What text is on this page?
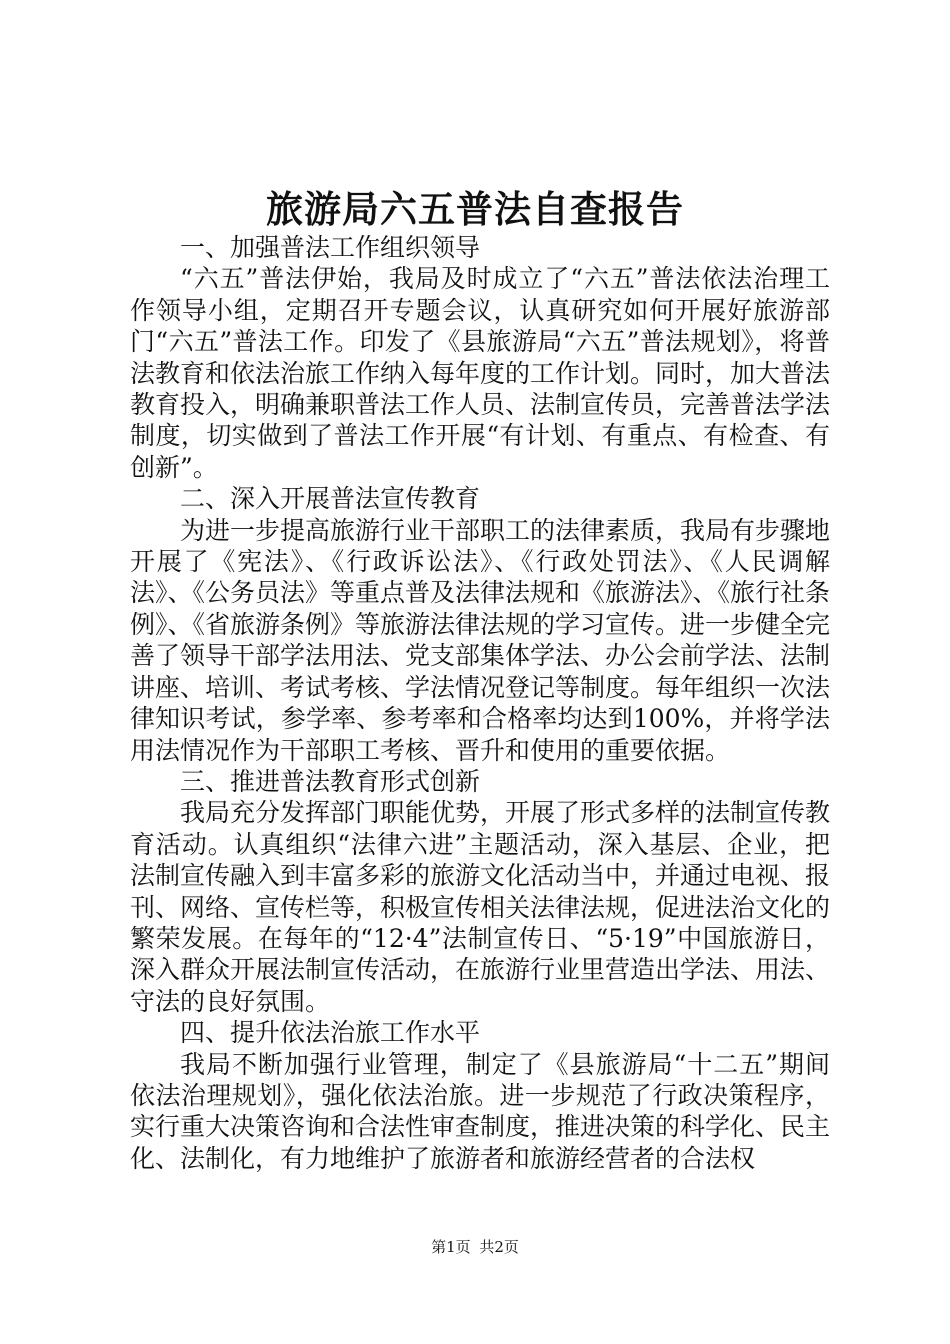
旅游局六五普法自查报告

一、加强普法工作组织领导

“六五”普法伊始，我局及时成立了“六五”普法依法治理工作领导小组，定期召开专题会议，认真研究如何开展好旅游部门“六五”普法工作。印发了《县旅游局“六五”普法规划》，将普法教育和依法治旅工作纳入每年度的工作计划。同时，加大普法教育投入，明确兼职普法工作人员、法制宣传员，完善普法学法制度，切实做到了普法工作开展“有计划、有重点、有检查、有创新”。

二、深入开展普法宣传教育

为进一步提高旅游行业干部职工的法律素质，我局有步骤地开展了《宪法》、《行政诉讼法》、《行政处罚法》、《人民调解法》、《公务员法》等重点普及法律法规和《旅游法》、《旅行社条例》、《省旅游条例》等旅游法律法规的学习宣传。进一步健全完善了领导干部学法用法、党支部集体学法、办公会前学法、法制讲座、培训、考试考核、学法情况登记等制度。每年组织一次法律知识考试，参学率、参考率和合格率均达到100%，并将学法用法情况作为干部职工考核、晋升和使用的重要依据。

三、推进普法教育形式创新

我局充分发挥部门职能优势，开展了形式多样的法制宣传教育活动。认真组织“法律六进”主题活动，深入基层、企业，把法制宣传融入到丰富多彩的旅游文化活动当中，并通过电视、报刊、网络、宣传栏等，积极宣传相关法律法规，促进法治文化的繁荣发展。在每年的“12·4”法制宣传日、“5·19”中国旅游日，深入群众开展法制宣传活动，在旅游行业里营造出学法、用法、守法的良好氛围。

四、提升依法治旅工作水平

我局不断加强行业管理，制定了《县旅游局“十二五”期间依法治理规划》，强化依法治旅。进一步规范了行政决策程序，实行重大决策咨询和合法性审查制度，推进决策的科学化、民主化、法制化，有力地维护了旅游者和旅游经营者的合法权

第1页 共2页
